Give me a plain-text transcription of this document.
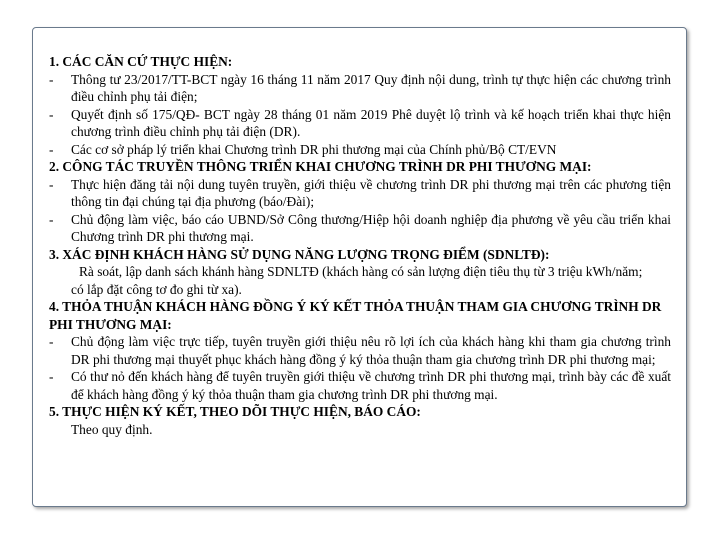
1. CÁC CĂN CỨ THỰC HIỆN:
-	Thông tư 23/2017/TT-BCT ngày 16 tháng 11 năm 2017 Quy định nội dung, trình tự thực hiện các chương trình điều chỉnh phụ tải điện;
-	Quyết định số 175/QĐ- BCT ngày 28 tháng 01 năm 2019 Phê duyệt lộ trình và kế hoạch triển khai thực hiện chương trình điều chỉnh phụ tải điện (DR).
-	Các cơ sở pháp lý triển khai Chương trình DR phi thương mại của Chính phủ/Bộ CT/EVN
2. CÔNG TÁC TRUYỀN THÔNG TRIỂN KHAI CHƯƠNG TRÌNH DR PHI THƯƠNG MẠI:
-	Thực hiện đăng tải nội dung tuyên truyền, giới thiệu về chương trình DR phi thương mại trên các phương tiện thông tin đại chúng tại địa phương (báo/Đài);
-	Chủ động làm việc, báo cáo UBND/Sở Công thương/Hiệp hội doanh nghiệp địa phương về yêu cầu triển khai Chương trình DR phi thương mại.
3. XÁC ĐỊNH KHÁCH HÀNG SỬ DỤNG NĂNG LƯỢNG TRỌNG ĐIỂM (SDNLTĐ):
Rà soát, lập danh sách khánh hàng SDNLTĐ (khách hàng có sản lượng điện tiêu thụ từ 3 triệu kWh/năm;
có lắp đặt công tơ đo ghi từ xa).
4. THỎA THUẬN KHÁCH HÀNG ĐỒNG Ý KÝ KẾT THỎA THUẬN THAM GIA CHƯƠNG TRÌNH DR PHI THƯƠNG MẠI:
-	Chủ động làm việc trực tiếp, tuyên truyền giới thiệu nêu rõ lợi ích của khách hàng khi tham gia chương trình DR phi thương mại thuyết phục khách hàng đồng ý ký thỏa thuận tham gia chương trình DR phi thương mại;
-	Có thư nỏ đến khách hàng để tuyên truyền giới thiệu về chương trình DR phi thương mại, trình bày các đề xuất để khách hàng đồng ý ký thỏa thuận tham gia chương trình DR phi thương mại.
5. THỰC HIỆN KÝ KẾT, THEO DÕI THỰC HIỆN, BÁO CÁO:
Theo quy định.
